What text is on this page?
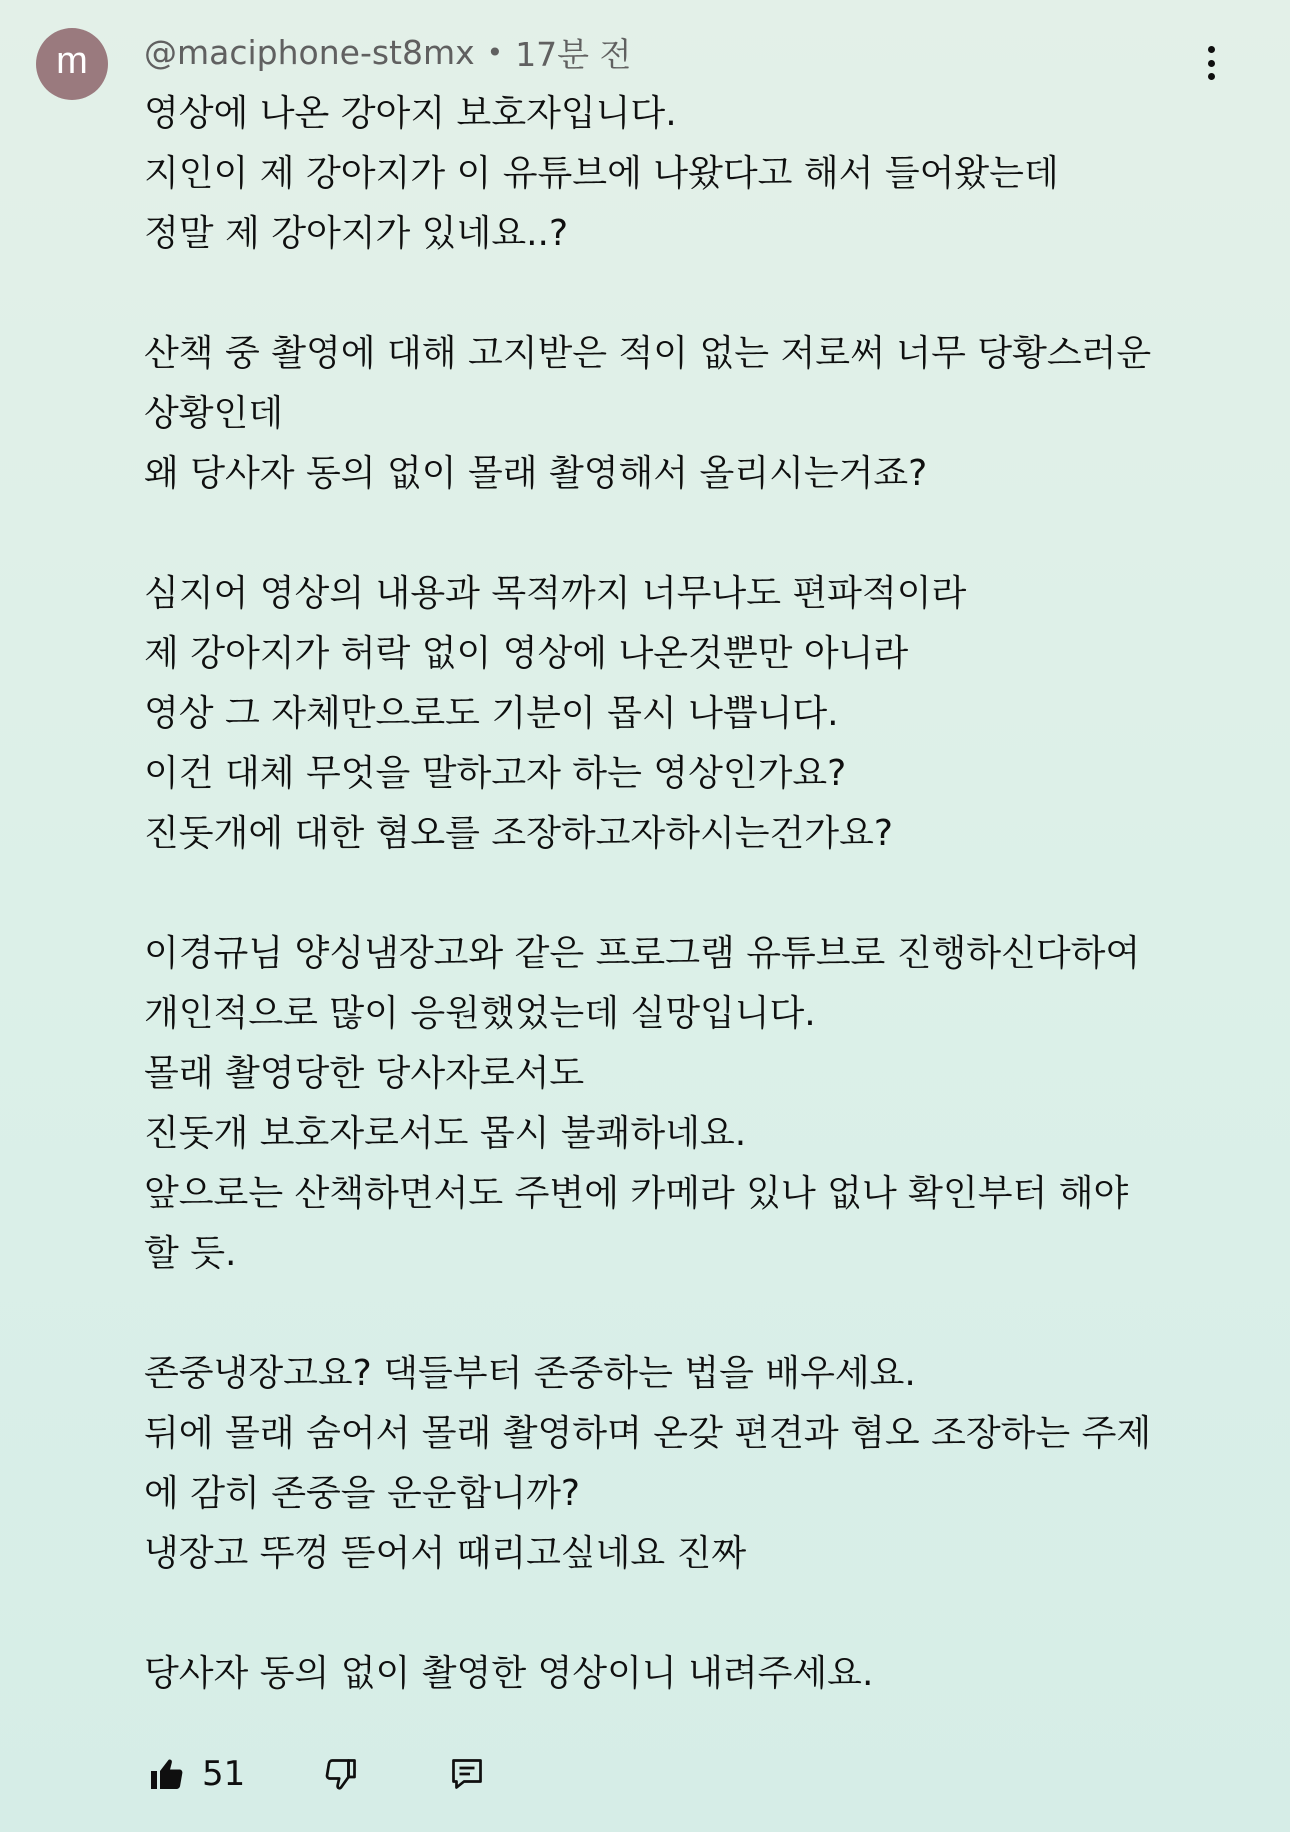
m @maciphone-st8mx • 17분 전
영상에 나온 강아지 보호자입니다.
지인이 제 강아지가 이 유튜브에 나왔다고 해서 들어왔는데
정말 제 강아지가 있네요..?
산책 중 촬영에 대해 고지받은 적이 없는 저로써 너무 당황스러운
상황인데
왜 당사자 동의 없이 몰래 촬영해서 올리시는거죠?
심지어 영상의 내용과 목적까지 너무나도 편파적이라
제 강아지가 허락 없이 영상에 나온것뿐만 아니라
영상 그 자체만으로도 기분이 몹시 나쁩니다.
이건 대체 무엇을 말하고자 하는 영상인가요?
진돗개에 대한 혐오를 조장하고자하시는건가요?
이경규님 양싱냄장고와 같은 프로그램 유튜브로 진행하신다하여
개인적으로 많이 응원했었는데 실망입니다.
몰래 촬영당한 당사자로서도
진돗개 보호자로서도 몹시 불쾌하네요.
앞으로는 산책하면서도 주변에 카메라 있나 없나 확인부터 해야
할 듯.
존중냉장고요? 댁들부터 존중하는 법을 배우세요.
뒤에 몰래 숨어서 몰래 촬영하며 온갖 편견과 혐오 조장하는 주제
에 감히 존중을 운운합니까?
냉장고 뚜껑 뜯어서 때리고싶네요 진짜
당사자 동의 없이 촬영한 영상이니 내려주세요.
51
